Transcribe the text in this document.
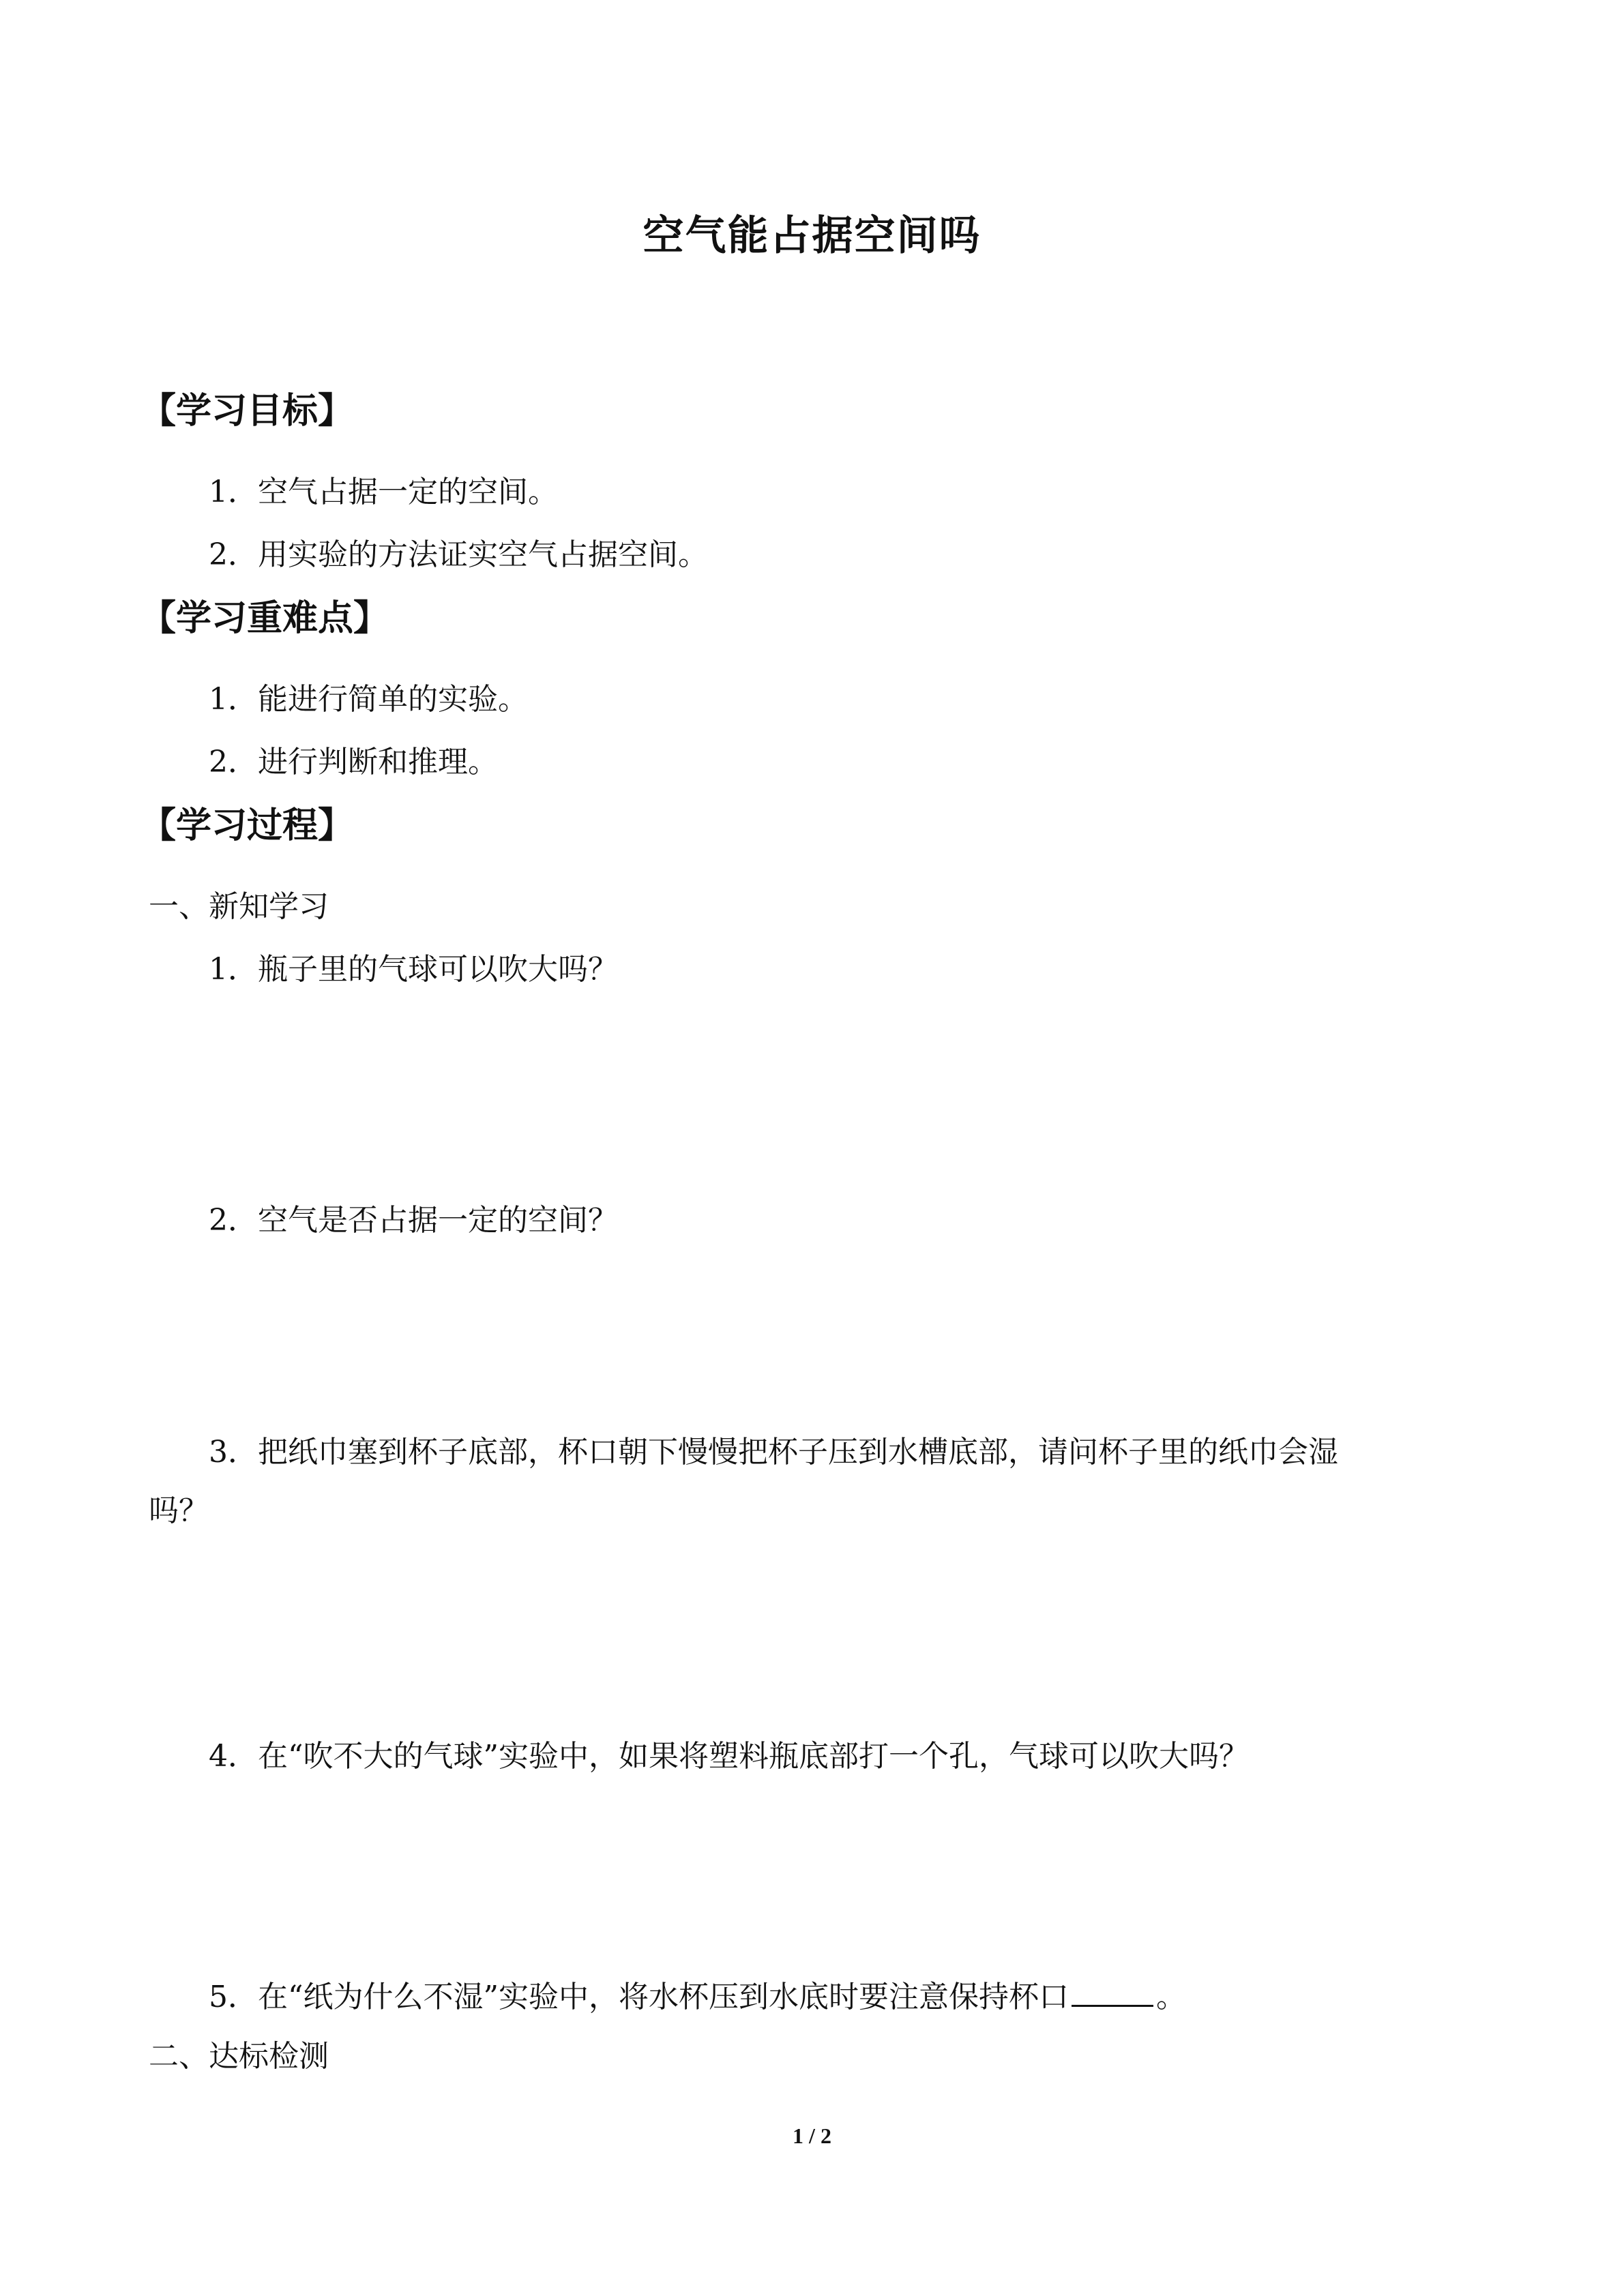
空气能占据空间吗
【学习目标】
1．空气占据一定的空间。
2．用实验的方法证实空气占据空间。
【学习重难点】
1．能进行简单的实验。
2．进行判断和推理。
【学习过程】
一、新知学习
1．瓶子里的气球可以吹大吗？
2．空气是否占据一定的空间？
3．把纸巾塞到杯子底部，杯口朝下慢慢把杯子压到水槽底部，请问杯子里的纸巾会湿
吗？
4．在“吹不大的气球”实验中，如果将塑料瓶底部打一个孔，气球可以吹大吗？
5．在“纸为什么不湿”实验中，将水杯压到水底时要注意保持杯口	。
二、达标检测
1 / 2
